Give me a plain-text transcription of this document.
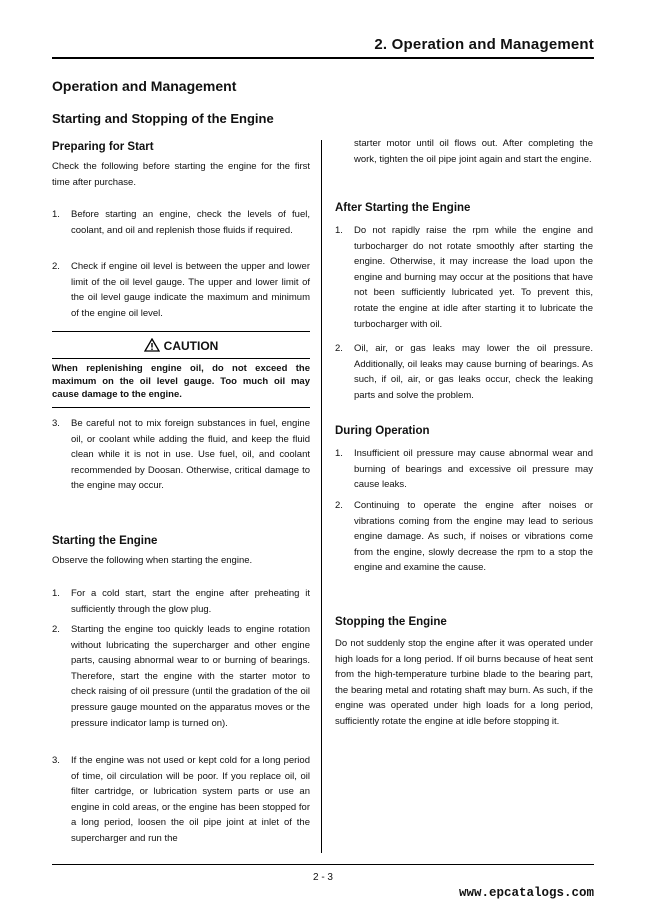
2. Operation and Management
Operation and Management
Starting and Stopping of the Engine
Preparing for Start

Check the following before starting the engine for the first time after purchase.

1. Before starting an engine, check the levels of fuel, coolant, and oil and replenish those fluids if required.
2. Check if engine oil level is between the upper and lower limit of the oil level gauge. The upper and lower limit of the oil level gauge indicate the maximum and minimum of the engine oil level.
CAUTION
When replenishing engine oil, do not exceed the maximum on the oil level gauge. Too much oil may cause damage to the engine.
3. Be careful not to mix foreign substances in fuel, engine oil, or coolant while adding the fluid, and keep the fluid clean while it is not in use. Use fuel, oil, and coolant recommended by Doosan. Otherwise, critical damage to the engine may occur.
Starting the Engine

Observe the following when starting the engine.

1. For a cold start, start the engine after preheating it sufficiently through the glow plug.
2. Starting the engine too quickly leads to engine rotation without lubricating the supercharger and other engine parts, causing abnormal wear to or burning of bearings. Therefore, start the engine with the starter motor to check raising of oil pressure (until the gradation of the oil pressure gauge mounted on the apparatus moves or the pressure indicator lamp is turned on).
3. If the engine was not used or kept cold for a long period of time, oil circulation will be poor. If you replace oil, oil filter cartridge, or lubrication system parts or use an engine in cold areas, or the engine has been stopped for a long period, loosen the oil pipe joint at inlet of the supercharger and run the
starter motor until oil flows out. After completing the work, tighten the oil pipe joint again and start the engine.
After Starting the Engine
1. Do not rapidly raise the rpm while the engine and turbocharger do not rotate smoothly after starting the engine. Otherwise, it may increase the load upon the engine and burning may occur at the positions that have not been sufficiently lubricated yet. To prevent this, rotate the engine at idle after starting it to lubricate the turbocharger with oil.
2. Oil, air, or gas leaks may lower the oil pressure. Additionally, oil leaks may cause burning of bearings. As such, if oil, air, or gas leaks occur, check the leaking parts and solve the problem.
During Operation
1. Insufficient oil pressure may cause abnormal wear and burning of bearings and excessive oil pressure may cause leaks.
2. Continuing to operate the engine after noises or vibrations coming from the engine may lead to serious engine damage. As such, if noises or vibrations come from the engine, slowly decrease the rpm to a stop the engine and examine the cause.
Stopping the Engine

Do not suddenly stop the engine after it was operated under high loads for a long period. If oil burns because of heat sent from the high-temperature turbine blade to the bearing part, the bearing metal and rotating shaft may burn. As such, if the engine was operated under high loads for a long period, sufficiently rotate the engine at idle before stopping it.

2 - 3
www.epcatalogs.com
